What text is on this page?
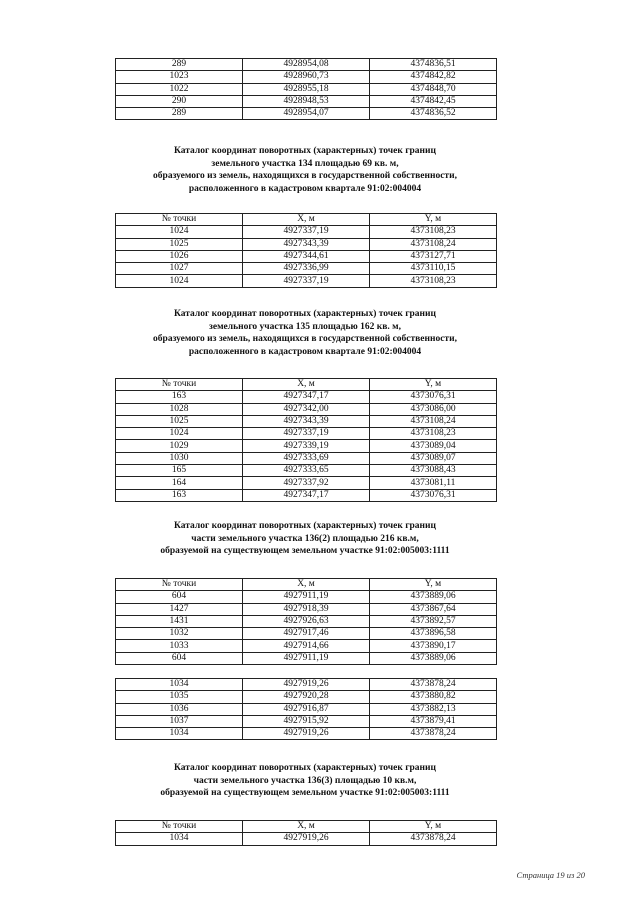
289	4928954,08	4374836,51
1023	4928960,73	4374842,82
1022	4928955,18	4374848,70
290	4928948,53	4374842,45
289	4928954,07	4374836,52
Каталог координат поворотных (характерных) точек границ
земельного участка 134 площадью 69 кв. м,
образуемого из земель, находящихся в государственной собственности,
расположенного в кадастровом квартале 91:02:004004
№ точки	X, м	Y, м
1024	4927337,19	4373108,23
1025	4927343,39	4373108,24
1026	4927344,61	4373127,71
1027	4927336,99	4373110,15
1024	4927337,19	4373108,23
Каталог координат поворотных (характерных) точек границ
земельного участка 135 площадью 162 кв. м,
образуемого из земель, находящихся в государственной собственности,
расположенного в кадастровом квартале 91:02:004004
№ точки	X, м	Y, м
163	4927347,17	4373076,31
1028	4927342,00	4373086,00
1025	4927343,39	4373108,24
1024	4927337,19	4373108,23
1029	4927339,19	4373089,04
1030	4927333,69	4373089,07
165	4927333,65	4373088,43
164	4927337,92	4373081,11
163	4927347,17	4373076,31
Каталог координат поворотных (характерных) точек границ
части земельного участка 136(2) площадью 216 кв.м,
образуемой на существующем земельном участке 91:02:005003:1111
№ точки	X, м	Y, м
604	4927911,19	4373889,06
1427	4927918,39	4373867,64
1431	4927926,63	4373892,57
1032	4927917,46	4373896,58
1033	4927914,66	4373890,17
604	4927911,19	4373889,06
1034	4927919,26	4373878,24
1035	4927920,28	4373880,82
1036	4927916,87	4373882,13
1037	4927915,92	4373879,41
1034	4927919,26	4373878,24
Каталог координат поворотных (характерных) точек границ
части земельного участка 136(3) площадью 10 кв.м,
образуемой на существующем земельном участке 91:02:005003:1111
№ точки	X, м	Y, м
1034	4927919,26	4373878,24
Страница 19 из 20
